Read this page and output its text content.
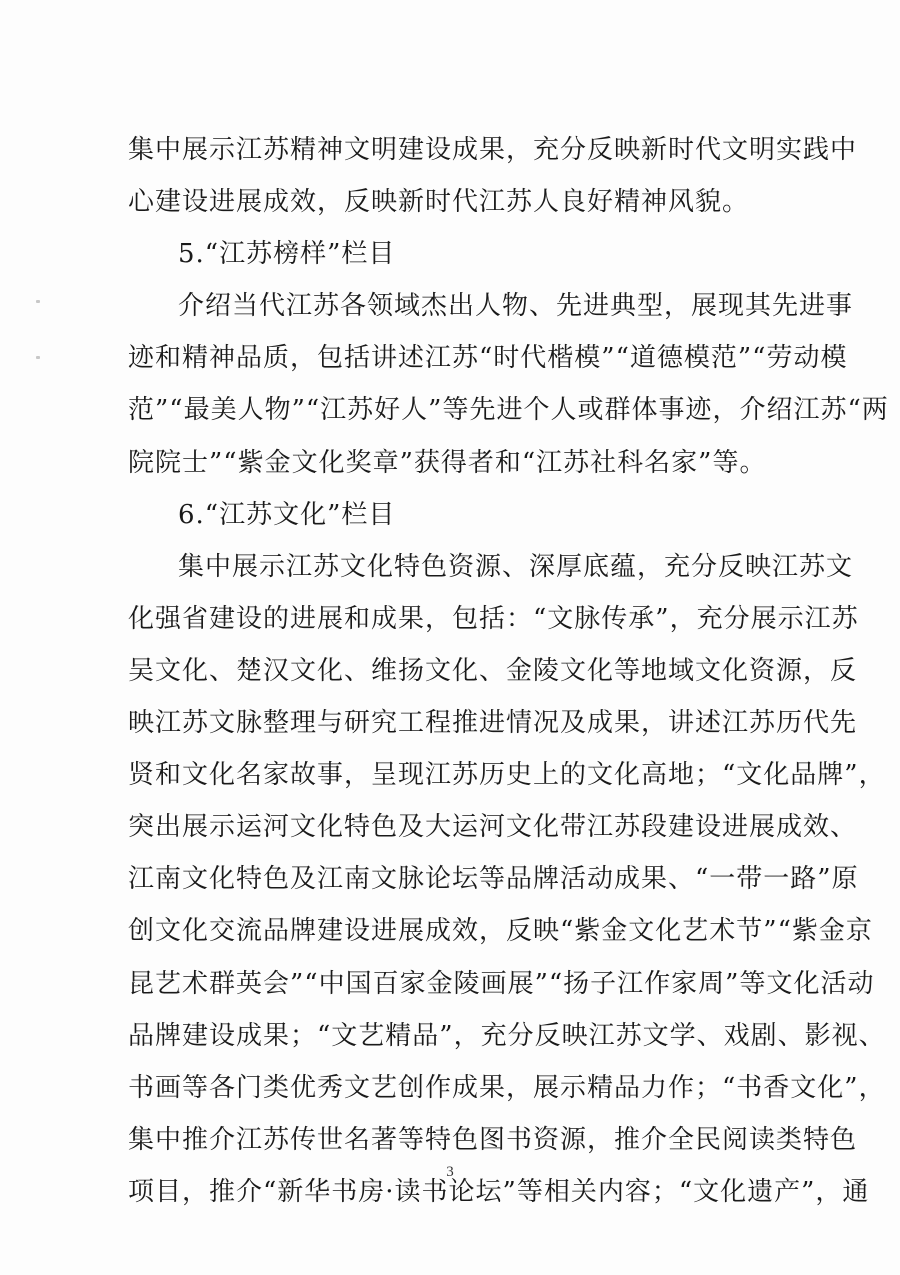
集中展示江苏精神文明建设成果，充分反映新时代文明实践中
心建设进展成效，反映新时代江苏人良好精神风貌。
5.“江苏榜样”栏目
介绍当代江苏各领域杰出人物、先进典型，展现其先进事
迹和精神品质，包括讲述江苏“时代楷模”“道德模范”“劳动模
范”“最美人物”“江苏好人”等先进个人或群体事迹，介绍江苏“两
院院士”“紫金文化奖章”获得者和“江苏社科名家”等。
6.“江苏文化”栏目
集中展示江苏文化特色资源、深厚底蕴，充分反映江苏文
化强省建设的进展和成果，包括：“文脉传承”，充分展示江苏
吴文化、楚汉文化、维扬文化、金陵文化等地域文化资源，反
映江苏文脉整理与研究工程推进情况及成果，讲述江苏历代先
贤和文化名家故事，呈现江苏历史上的文化高地；“文化品牌”，
突出展示运河文化特色及大运河文化带江苏段建设进展成效、
江南文化特色及江南文脉论坛等品牌活动成果、“一带一路”原
创文化交流品牌建设进展成效，反映“紫金文化艺术节”“紫金京
昆艺术群英会”“中国百家金陵画展”“扬子江作家周”等文化活动
品牌建设成果；“文艺精品”，充分反映江苏文学、戏剧、影视、
书画等各门类优秀文艺创作成果，展示精品力作；“书香文化”，
集中推介江苏传世名著等特色图书资源，推介全民阅读类特色
项目，推介“新华书房·读书论坛”等相关内容；“文化遗产”，通
3
